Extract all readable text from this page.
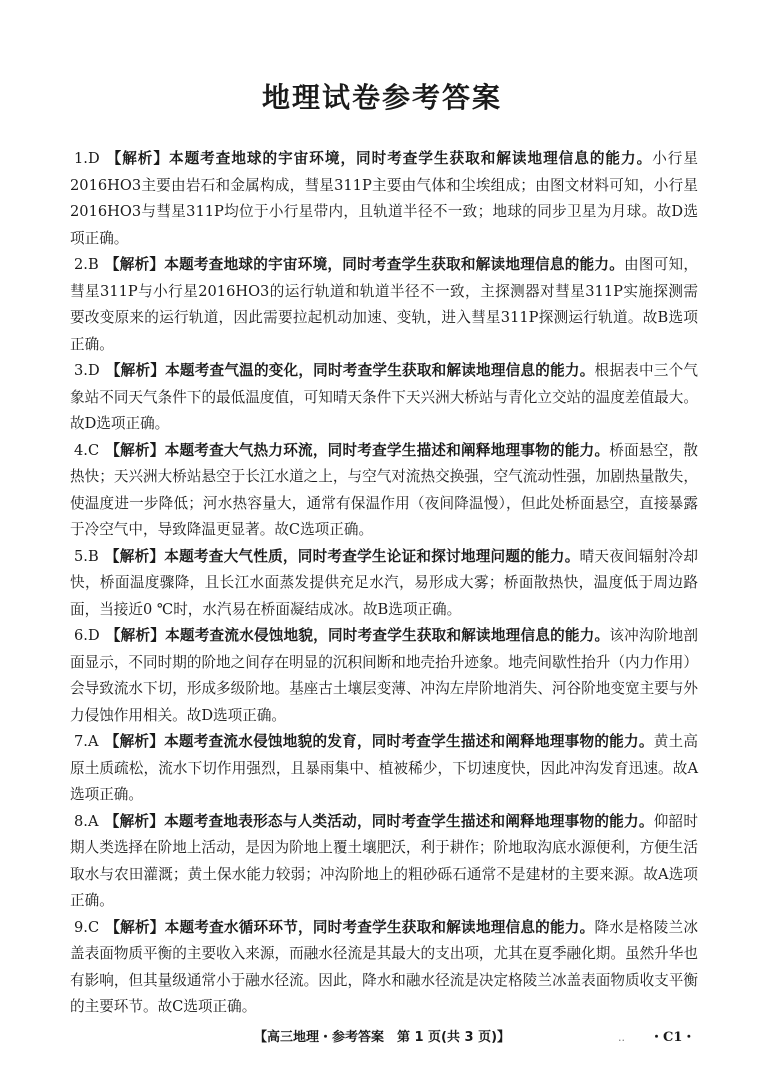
地理试卷参考答案

1.D 【解析】本题考查地球的宇宙环境，同时考查学生获取和解读地理信息的能力。小行星2016HO3主要由岩石和金属构成，彗星311P主要由气体和尘埃组成；由图文材料可知，小行星2016HO3与彗星311P均位于小行星带内，且轨道半径不一致；地球的同步卫星为月球。故D选项正确。

2.B 【解析】本题考查地球的宇宙环境，同时考查学生获取和解读地理信息的能力。由图可知，彗星311P与小行星2016HO3的运行轨道和轨道半径不一致，主探测器对彗星311P实施探测需要改变原来的运行轨道，因此需要拉起机动加速、变轨，进入彗星311P探测运行轨道。故B选项正确。

3.D 【解析】本题考查气温的变化，同时考查学生获取和解读地理信息的能力。根据表中三个气象站不同天气条件下的最低温度值，可知晴天条件下天兴洲大桥站与青化立交站的温度差值最大。故D选项正确。

4.C 【解析】本题考查大气热力环流，同时考查学生描述和阐释地理事物的能力。桥面悬空，散热快；天兴洲大桥站悬空于长江水道之上，与空气对流热交换强，空气流动性强，加剧热量散失，使温度进一步降低；河水热容量大，通常有保温作用（夜间降温慢），但此处桥面悬空，直接暴露于冷空气中，导致降温更显著。故C选项正确。

5.B 【解析】本题考查大气性质，同时考查学生论证和探讨地理问题的能力。晴天夜间辐射冷却快，桥面温度骤降，且长江水面蒸发提供充足水汽，易形成大雾；桥面散热快，温度低于周边路面，当接近0 ℃时，水汽易在桥面凝结成冰。故B选项正确。

6.D 【解析】本题考查流水侵蚀地貌，同时考查学生获取和解读地理信息的能力。该冲沟阶地剖面显示，不同时期的阶地之间存在明显的沉积间断和地壳抬升迹象。地壳间歇性抬升（内力作用）会导致流水下切，形成多级阶地。基座古土壤层变薄、冲沟左岸阶地消失、河谷阶地变宽主要与外力侵蚀作用相关。故D选项正确。

7.A 【解析】本题考查流水侵蚀地貌的发育，同时考查学生描述和阐释地理事物的能力。黄土高原土质疏松，流水下切作用强烈，且暴雨集中、植被稀少，下切速度快，因此冲沟发育迅速。故A选项正确。

8.A 【解析】本题考查地表形态与人类活动，同时考查学生描述和阐释地理事物的能力。仰韶时期人类选择在阶地上活动，是因为阶地上覆土壤肥沃，利于耕作；阶地取沟底水源便利，方便生活取水与农田灌溉；黄土保水能力较弱；冲沟阶地上的粗砂砾石通常不是建材的主要来源。故A选项正确。

9.C 【解析】本题考查水循环环节，同时考查学生获取和解读地理信息的能力。降水是格陵兰冰盖表面物质平衡的主要收入来源，而融水径流是其最大的支出项，尤其在夏季融化期。虽然升华也有影响，但其量级通常小于融水径流。因此，降水和融水径流是决定格陵兰冰盖表面物质收支平衡的主要环节。故C选项正确。

【高三地理・参考答案　第 1 页(共 3 页)】	.. ・C1・
